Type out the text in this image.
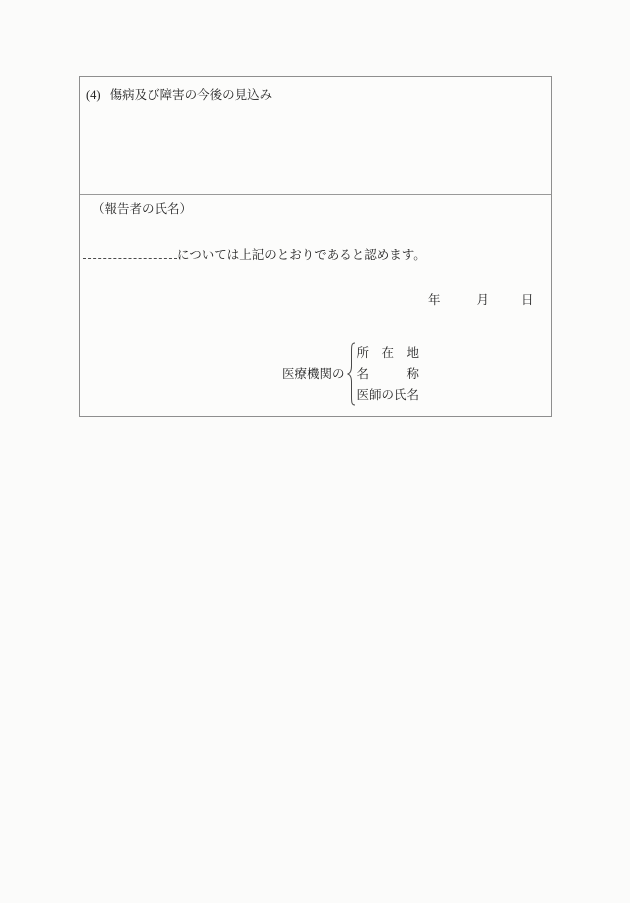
(4) 傷病及び障害の今後の見込み
（報告者の氏名）
については上記のとおりであると認めます。
年	月	日
医療機関の
所　在　地
名　　　称
医師の氏名
